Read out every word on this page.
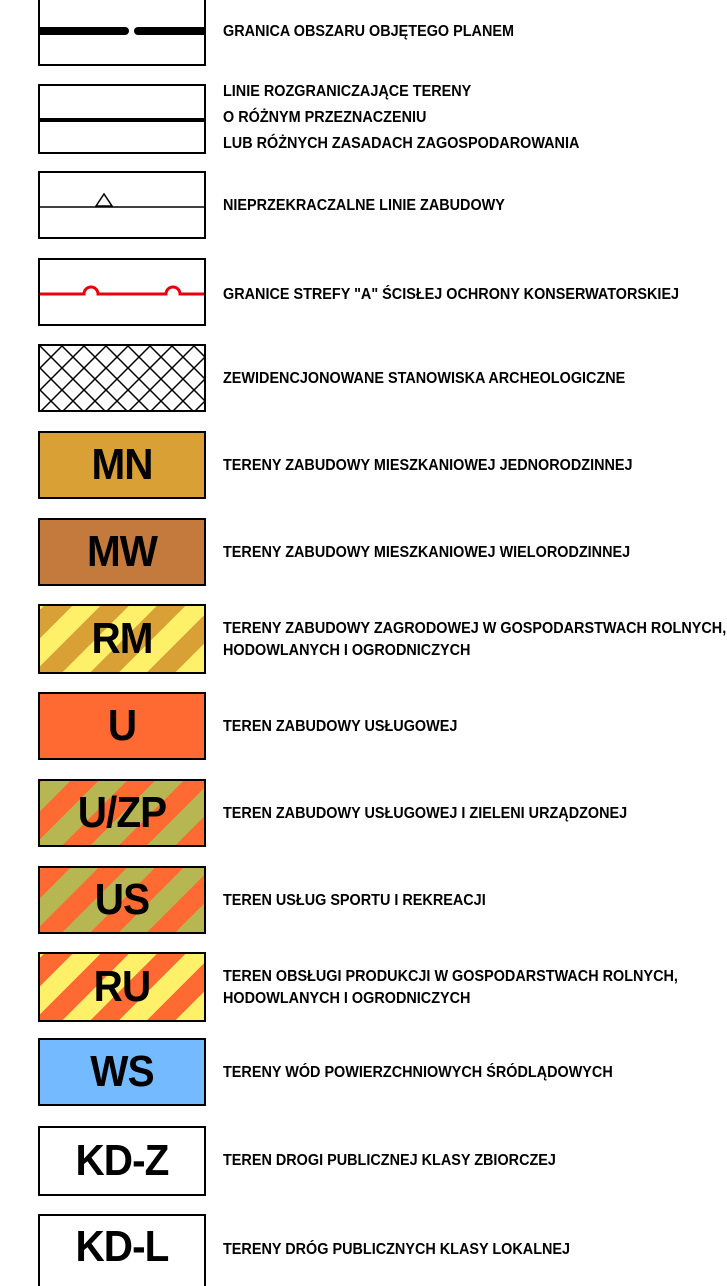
GRANICA OBSZARU OBJĘTEGO PLANEM
LINIE ROZGRANICZAJĄCE TERENY
O RÓŻNYM PRZEZNACZENIU
LUB RÓŻNYCH ZASADACH ZAGOSPODAROWANIA
NIEPRZEKRACZALNE LINIE ZABUDOWY
GRANICE STREFY "A" ŚCISŁEJ OCHRONY KONSERWATORSKIEJ
ZEWIDENCJONOWANE STANOWISKA ARCHEOLOGICZNE
MN	TERENY ZABUDOWY MIESZKANIOWEJ JEDNORODZINNEJ
MW	TERENY ZABUDOWY MIESZKANIOWEJ WIELORODZINNEJ
RM	TERENY ZABUDOWY ZAGRODOWEJ W GOSPODARSTWACH ROLNYCH,
HODOWLANYCH I OGRODNICZYCH
U	TEREN ZABUDOWY USŁUGOWEJ
U/ZP	TEREN ZABUDOWY USŁUGOWEJ I ZIELENI URZĄDZONEJ
US	TEREN USŁUG SPORTU I REKREACJI
RU	TEREN OBSŁUGI PRODUKCJI W GOSPODARSTWACH ROLNYCH,
HODOWLANYCH I OGRODNICZYCH
WS	TERENY WÓD POWIERZCHNIOWYCH ŚRÓDLĄDOWYCH
KD-Z	TEREN DROGI PUBLICZNEJ KLASY ZBIORCZEJ
KD-L	TERENY DRÓG PUBLICZNYCH KLASY LOKALNEJ
